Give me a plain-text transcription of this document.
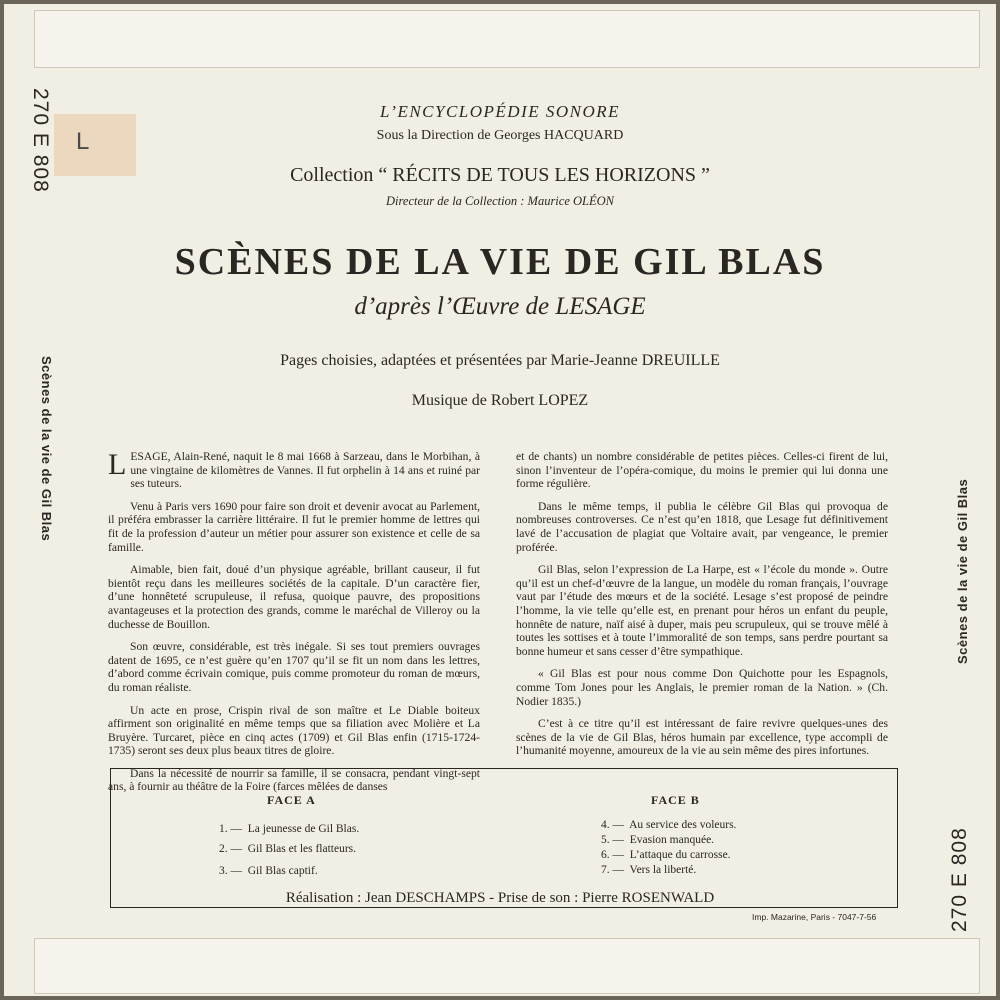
L
270 E 808
Scènes de la vie de Gil Blas
Scènes de la vie de Gil Blas
270 E 808
L’ENCYCLOPÉDIE SONORE
Sous la Direction de Georges HACQUARD
Collection “ RÉCITS DE TOUS LES HORIZONS ”
Directeur de la Collection : Maurice OLÉON
SCÈNES DE LA VIE DE GIL BLAS
d’après l’Œuvre de LESAGE
Pages choisies, adaptées et présentées par Marie-Jeanne DREUILLE
Musique de Robert LOPEZ

LESAGE, Alain-René, naquit le 8 mai 1668 à Sarzeau, dans le Morbihan, à une vingtaine de kilomètres de Vannes. Il fut orphelin à 14 ans et ruiné par ses tuteurs.

Venu à Paris vers 1690 pour faire son droit et devenir avocat au Parlement, il préféra embrasser la carrière littéraire. Il fut le premier homme de lettres qui fit de la profession d’auteur un métier pour assurer son existence et celle de sa famille.

Aimable, bien fait, doué d’un physique agréable, brillant causeur, il fut bientôt reçu dans les meilleures sociétés de la capitale. D’un caractère fier, d’une honnêteté scrupuleuse, il refusa, quoique pauvre, des propositions avantageuses et la protection des grands, comme le maréchal de Villeroy ou la duchesse de Bouillon.

Son œuvre, considérable, est très inégale. Si ses tout premiers ouvrages datent de 1695, ce n’est guère qu’en 1707 qu’il se fit un nom dans les lettres, d’abord comme écrivain comique, puis comme promoteur du roman de mœurs, du roman réaliste.

Un acte en prose, Crispin rival de son maître et Le Diable boiteux affirment son originalité en même temps que sa filiation avec Molière et La Bruyère. Turcaret, pièce en cinq actes (1709) et Gil Blas enfin (1715-1724-1735) seront ses deux plus beaux titres de gloire.

Dans la nécessité de nourrir sa famille, il se consacra, pendant vingt-sept ans, à fournir au théâtre de la Foire (farces mêlées de danses

et de chants) un nombre considérable de petites pièces. Celles-ci firent de lui, sinon l’inventeur de l’opéra-comique, du moins le premier qui lui donna une forme régulière.

Dans le même temps, il publia le célèbre Gil Blas qui provoqua de nombreuses controverses. Ce n’est qu’en 1818, que Lesage fut définitivement lavé de l’accusation de plagiat que Voltaire avait, par vengeance, le premier proférée.

Gil Blas, selon l’expression de La Harpe, est « l’école du monde ». Outre qu’il est un chef-d’œuvre de la langue, un modèle du roman français, l’ouvrage vaut par l’étude des mœurs et de la société. Lesage s’est proposé de peindre l’homme, la vie telle qu’elle est, en prenant pour héros un enfant du peuple, honnête de nature, naïf aisé à duper, mais peu scrupuleux, qui se trouve mêlé à toutes les sottises et à toute l’immoralité de son temps, sans perdre pourtant sa bonne humeur et sans cesser d’être sympathique.

« Gil Blas est pour nous comme Don Quichotte pour les Espagnols, comme Tom Jones pour les Anglais, le premier roman de la Nation. » (Ch. Nodier 1835.)

C’est à ce titre qu’il est intéressant de faire revivre quelques-unes des scènes de la vie de Gil Blas, héros humain par excellence, type accompli de l’humanité moyenne, amoureux de la vie au sein même des pires infortunes.

FACE A
1. — La jeunesse de Gil Blas.
2. — Gil Blas et les flatteurs.
3. — Gil Blas captif.
FACE B
4. — Au service des voleurs.
5. — Evasion manquée.
6. — L’attaque du carrosse.
7. — Vers la liberté.
Réalisation : Jean DESCHAMPS - Prise de son : Pierre ROSENWALD
Imp. Mazarine, Paris - 7047-7-56
